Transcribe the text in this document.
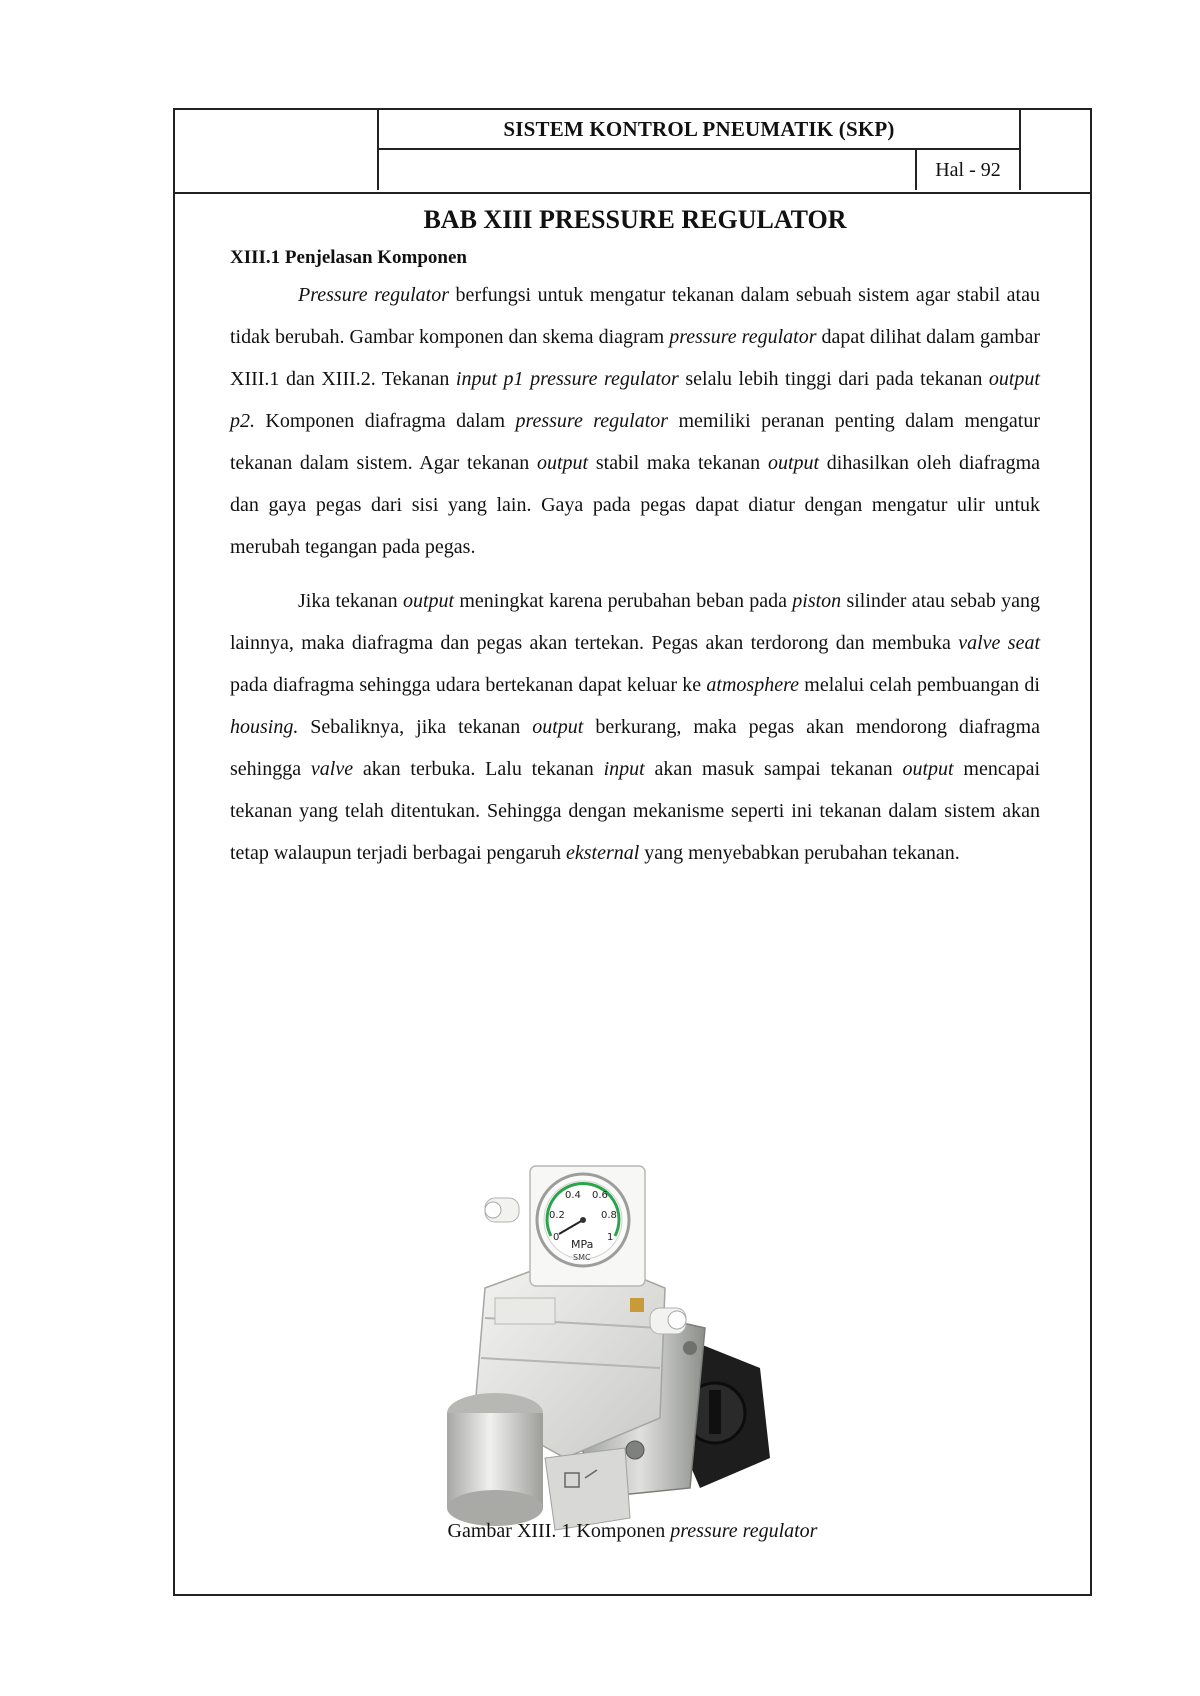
SISTEM KONTROL PNEUMATIK (SKP)
Hal - 92
BAB XIII PRESSURE REGULATOR
XIII.1 Penjelasan Komponen

Pressure regulator berfungsi untuk mengatur tekanan dalam sebuah sistem agar stabil atau tidak berubah. Gambar komponen dan skema diagram pressure regulator dapat dilihat dalam gambar XIII.1 dan XIII.2. Tekanan input p1 pressure regulator selalu lebih tinggi dari pada tekanan output p2. Komponen diafragma dalam pressure regulator memiliki peranan penting dalam mengatur tekanan dalam sistem. Agar tekanan output stabil maka tekanan output dihasilkan oleh diafragma dan gaya pegas dari sisi yang lain. Gaya pada pegas dapat diatur dengan mengatur ulir untuk merubah tegangan pada pegas.

Jika tekanan output meningkat karena perubahan beban pada piston silinder atau sebab yang lainnya, maka diafragma dan pegas akan tertekan. Pegas akan terdorong dan membuka valve seat pada diafragma sehingga udara bertekanan dapat keluar ke atmosphere melalui celah pembuangan di housing. Sebaliknya, jika tekanan output berkurang, maka pegas akan mendorong diafragma sehingga valve akan terbuka. Lalu tekanan input akan masuk sampai tekanan output mencapai tekanan yang telah ditentukan. Sehingga dengan mekanisme seperti ini tekanan dalam sistem akan tetap walaupun terjadi berbagai pengaruh eksternal yang menyebabkan perubahan tekanan.

0
0.2
0.4 0.6
0.8
1
MPa
SMC
Gambar XIII. 1 Komponen pressure regulator
